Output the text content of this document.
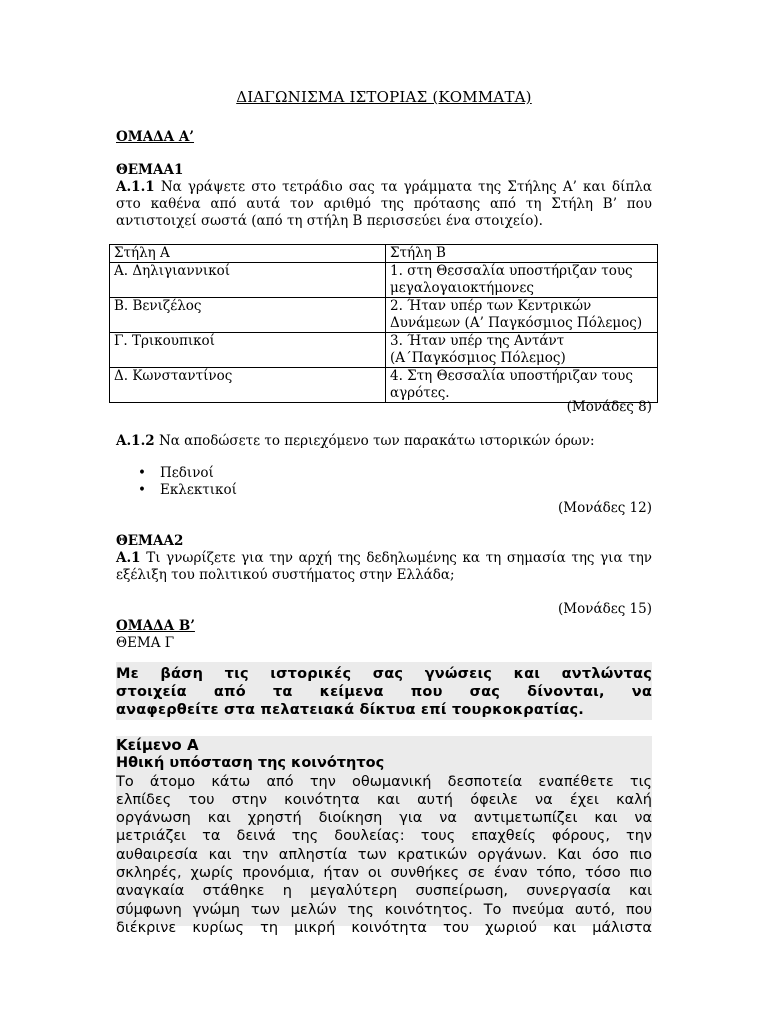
ΔΙΑΓΩΝΙΣΜΑ ΙΣΤΟΡΙΑΣ (ΚΟΜΜΑΤΑ)
ΟΜΑΔΑ Α’
ΘΕΜΑΑ1
Α.1.1 Να γράψετε στο τετράδιο σας τα γράμματα της Στήλης Α’ και δίπλα στο καθένα από αυτά τον αριθμό της πρότασης από τη Στήλη Β’ που αντιστοιχεί σωστά (από τη στήλη Β περισσεύει ένα στοιχείο).
Στήλη Α	Στήλη Β
Α. Δηλιγιαννικοί	1. στη Θεσσαλία υποστήριζαν τους μεγαλογαιοκτήμονες
Β. Βενιζέλος	2. Ήταν υπέρ των Κεντρικών Δυνάμεων (Α’ Παγκόσμιος Πόλεμος)
Γ. Τρικουπικοί	3. Ήταν υπέρ της Αντάντ (Α΄Παγκόσμιος Πόλεμος)
Δ. Κωνσταντίνος	4. Στη Θεσσαλία υποστήριζαν τους αγρότες.
(Μονάδες 8)
Α.1.2 Να αποδώσετε το περιεχόμενο των παρακάτω ιστορικών όρων:
• Πεδινοί
• Εκλεκτικοί
(Μονάδες 12)
ΘΕΜΑΑ2
Α.1 Τι γνωρίζετε για την αρχή της δεδηλωμένης κα τη σημασία της για την εξέλιξη του πολιτικού συστήματος στην Ελλάδα;
(Μονάδες 15)
ΟΜΑΔΑ Β’
ΘΕΜΑ Γ
Με βάση τις ιστορικές σας γνώσεις και αντλώντας
στοιχεία από τα κείμενα που σας δίνονται, να
αναφερθείτε στα πελατειακά δίκτυα επί τουρκοκρατίας.
Κείμενο Α
Ηθική υπόσταση της κοινότητος
Το άτομο κάτω από την οθωμανική δεσποτεία εναπέθετε τις
ελπίδες του στην κοινότητα και αυτή όφειλε να έχει καλή
οργάνωση και χρηστή διοίκηση για να αντιμετωπίζει και να
μετριάζει τα δεινά της δουλείας: τους επαχθείς φόρους, την
αυθαιρεσία και την απληστία των κρατικών οργάνων. Και όσο πιο
σκληρές, χωρίς προνόμια, ήταν οι συνθήκες σε έναν τόπο, τόσο πιο
αναγκαία στάθηκε η μεγαλύτερη συσπείρωση, συνεργασία και
σύμφωνη γνώμη των μελών της κοινότητος. Το πνεύμα αυτό, που
διέκρινε κυρίως τη μικρή κοινότητα του χωριού και μάλιστα
